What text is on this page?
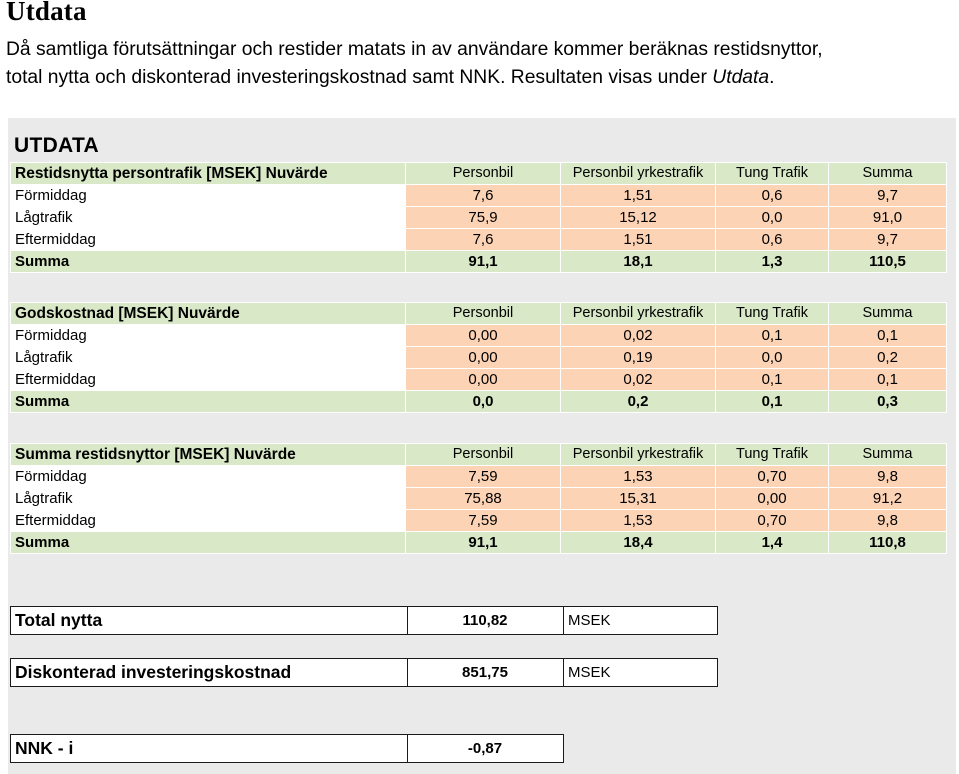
Utdata
Då samtliga förutsättningar och restider matats in av användare kommer beräknas restidsnyttor,
total nytta och diskonterad investeringskostnad samt NNK. Resultaten visas under Utdata.
UTDATA
Restidsnytta persontrafik [MSEK] Nuvärde	Personbil	Personbil yrkestrafik	Tung Trafik	Summa
Förmiddag	7,6	1,51	0,6	9,7
Lågtrafik	75,9	15,12	0,0	91,0
Eftermiddag	7,6	1,51	0,6	9,7
Summa	91,1	18,1	1,3	110,5
Godskostnad [MSEK] Nuvärde	Personbil	Personbil yrkestrafik	Tung Trafik	Summa
Förmiddag	0,00	0,02	0,1	0,1
Lågtrafik	0,00	0,19	0,0	0,2
Eftermiddag	0,00	0,02	0,1	0,1
Summa	0,0	0,2	0,1	0,3
Summa restidsnyttor [MSEK] Nuvärde	Personbil	Personbil yrkestrafik	Tung Trafik	Summa
Förmiddag	7,59	1,53	0,70	9,8
Lågtrafik	75,88	15,31	0,00	91,2
Eftermiddag	7,59	1,53	0,70	9,8
Summa	91,1	18,4	1,4	110,8
Total nytta	110,82	MSEK
Diskonterad investeringskostnad	851,75	MSEK
NNK - i	-0,87
